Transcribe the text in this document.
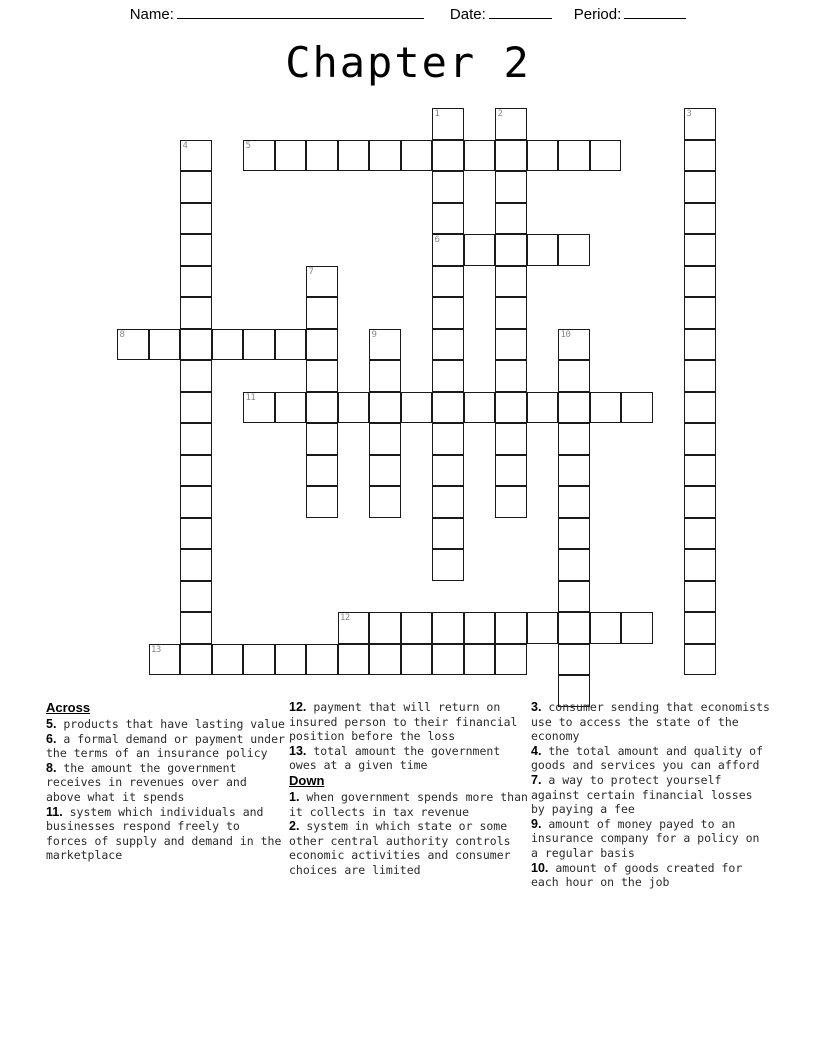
Name:	Date:	Period:
Chapter 2
1
6
2	3
4	5
7
8	9	10
11
12
13
Across
5. products that have lasting value
6. a formal demand or payment under the terms of an insurance policy
8. the amount the government receives in revenues over and above what it spends
11. system which individuals and businesses respond freely to forces of supply and demand in the marketplace
12. payment that will return on insured person to their financial position before the loss
13. total amount the government owes at a given time
Down
1. when government spends more than it collects in tax revenue
2. system in which state or some other central authority controls economic activities and consumer choices are limited
3. consumer sending that economists use to access the state of the economy
4. the total amount and quality of goods and services you can afford
7. a way to protect yourself against certain financial losses by paying a fee
9. amount of money payed to an insurance company for a policy on a regular basis
10. amount of goods created for each hour on the job
